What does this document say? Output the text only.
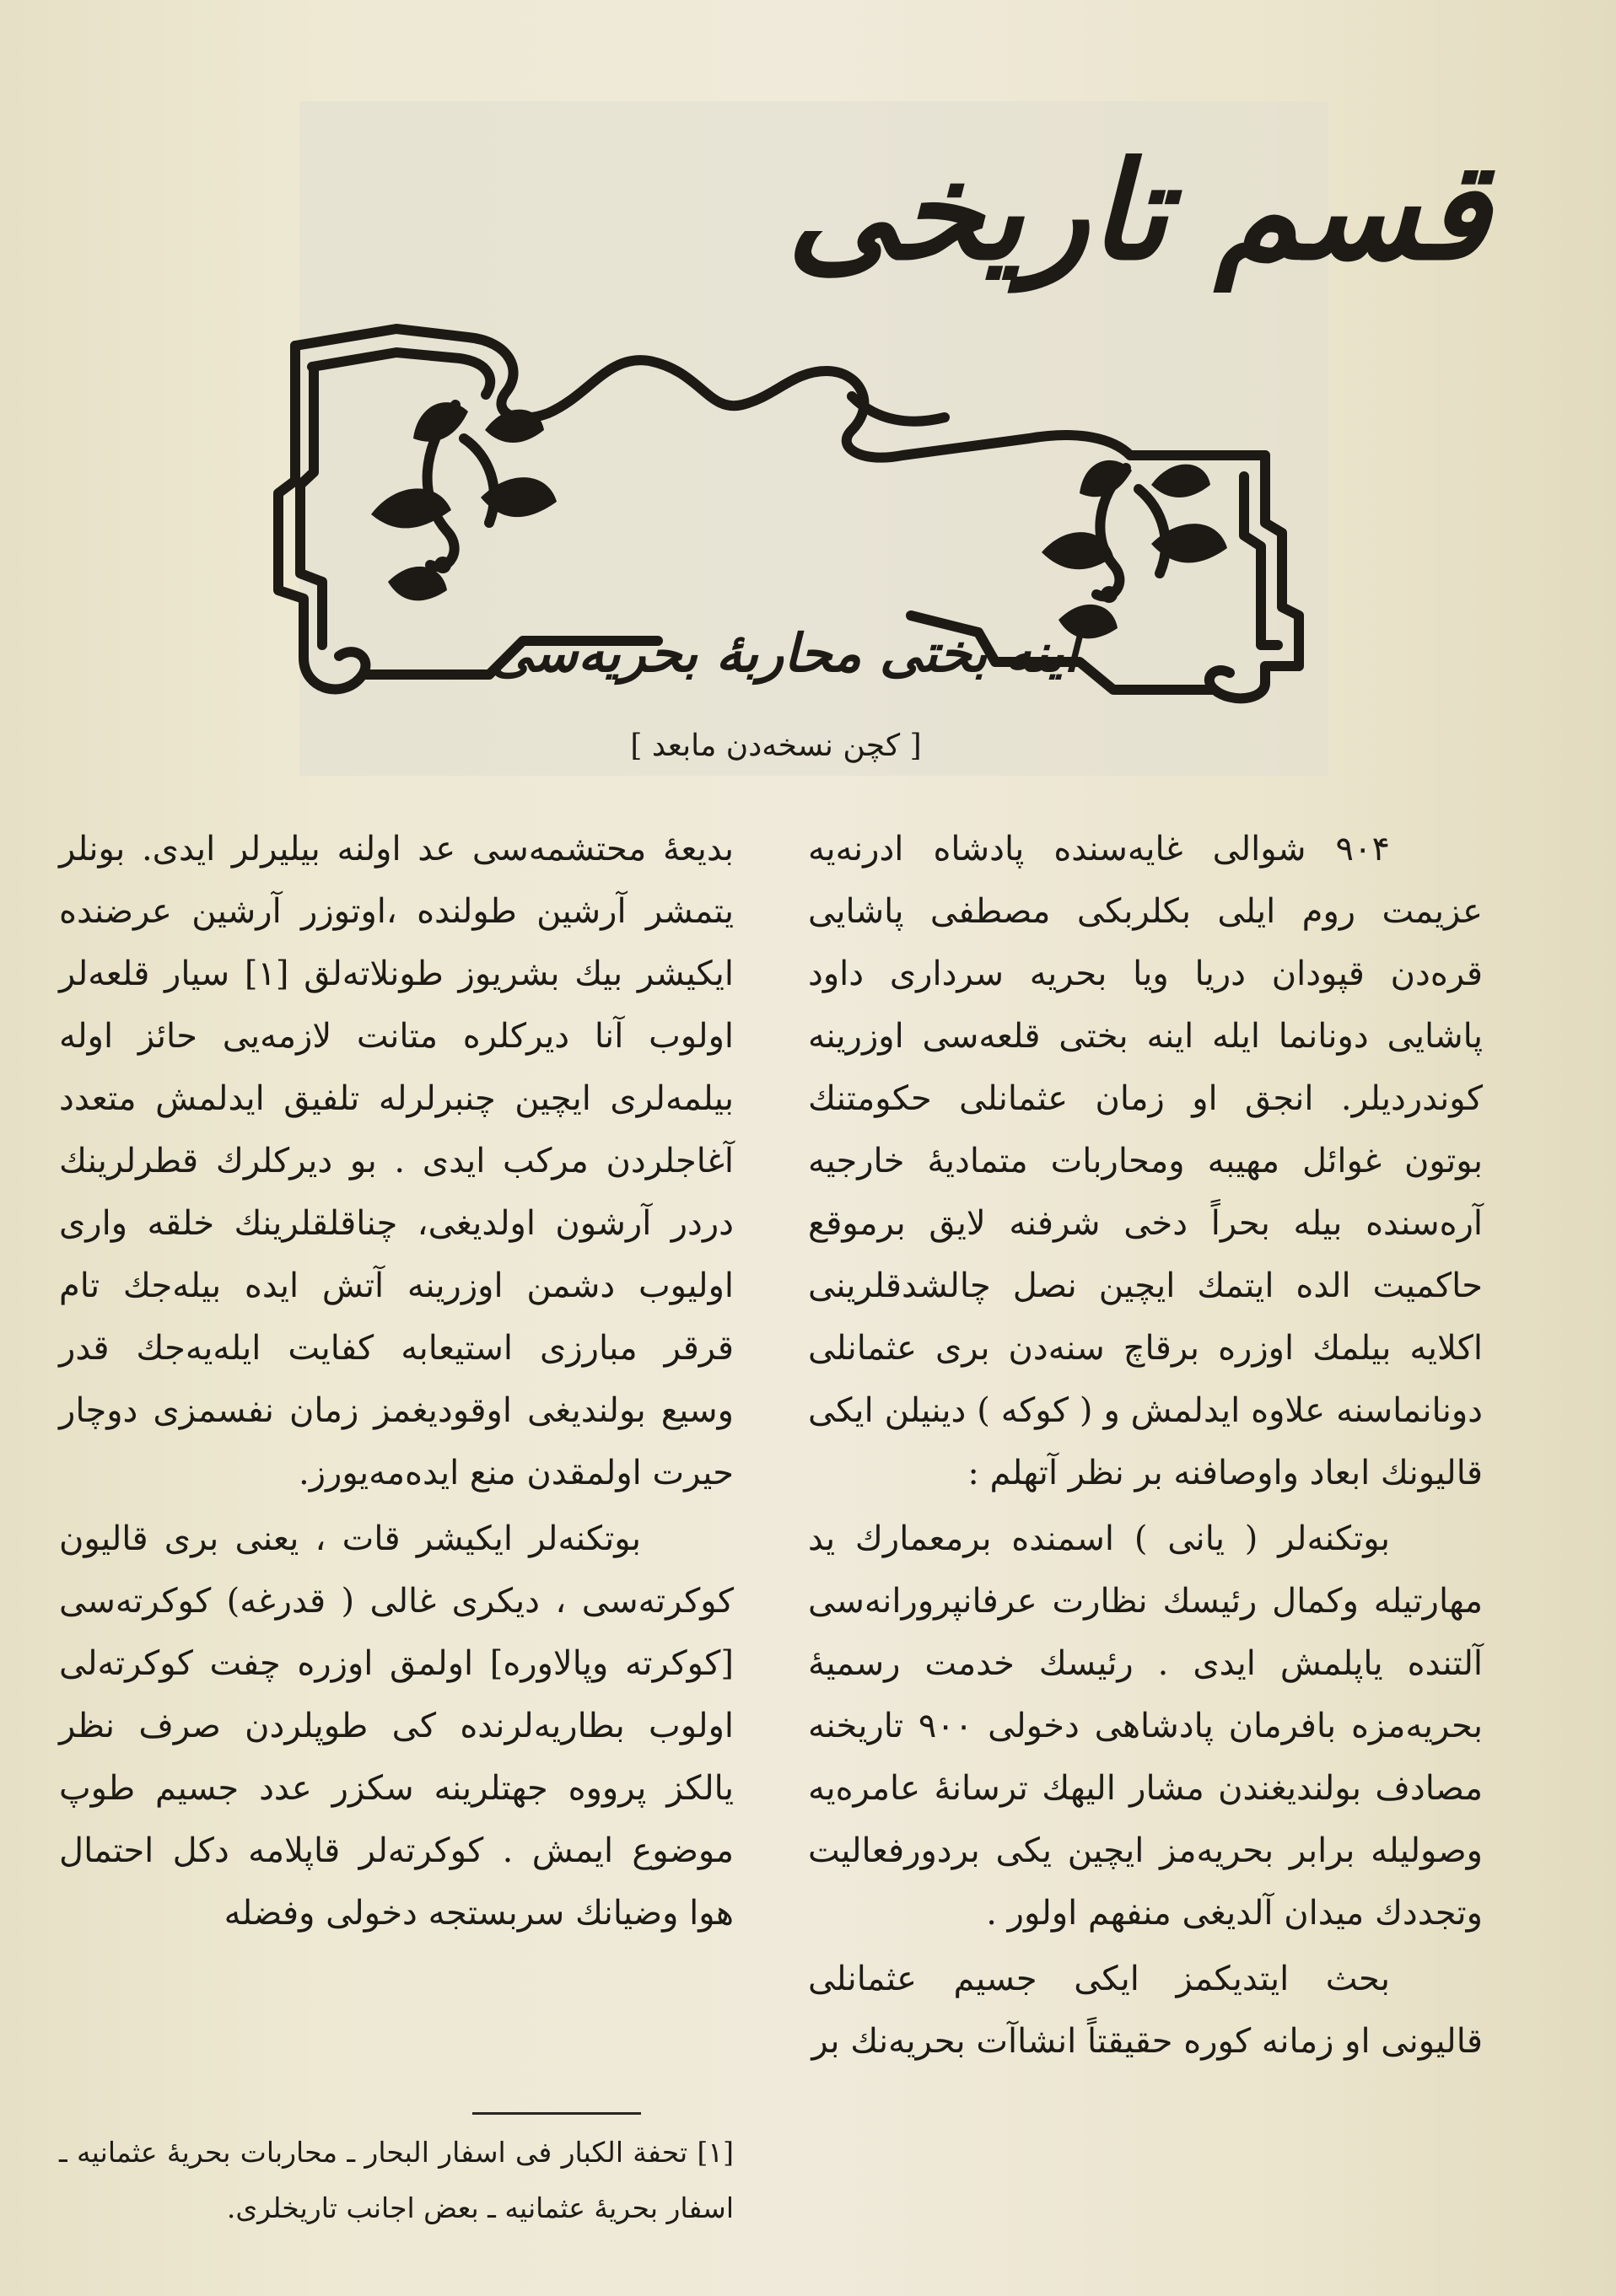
قسم تاریخی
اینه بختی محاربهٔ بحریه‌سی
[ کچن نسخه‌دن مابعد ]

۹۰۴ شوالی غایه‌سنده پادشاه ادرنه‌یه عزیمت روم ایلی بکلربکی مصطفی پاشایی قره‌دن قپودان دریا ویا بحریه سرداری داود پاشایی دونانما ایله اینه بختی قلعه‌سی اوزرینه کوندردیلر. انجق او زمان عثمانلی حکومتنك بوتون غوائل مهیبه ومحاربات متمادیهٔ خارجیه آره‌سنده بیله بحراً دخی شرفنه لایق برموقع حاکمیت الده ایتمك ایچین نصل چالشدقلرینی اکلایه بیلمك اوزره برقاچ سنه‌دن بری عثمانلی دونانماسنه علاوه ایدلمش و ( کوکه ) دینیلن ایکی قالیونك ابعاد واوصافنه بر نظر آتهلم :

بوتکنه‌لر ( یانی ) اسمنده برمعمارك ید مهارتیله وکمال رئیسك نظارت عرفانپرورانه‌سی آلتنده یاپلمش ایدی . رئیسك خدمت رسمیهٔ بحریه‌مزه بافرمان پادشاهی دخولی ۹۰۰ تاریخنه مصادف بولندیغندن مشار الیهك ترسانهٔ عامره‌یه وصولیله برابر بحریه‌مز ایچین یکی بردورفعالیت وتجددك میدان آلدیغی منفهم اولور .

بحث ایتدیکمز ایکی جسیم عثمانلی قالیونی او زمانه کوره حقیقتاً انشاآت بحریه‌نك بر

بدیعهٔ محتشمه‌سی عد اولنه بیلیرلر ایدی. بونلر یتمشر آرشین طولنده ،اوتوزر آرشین عرضنده ایکیشر بیك بشریوز طونلاته‌لق [۱] سیار قلعه‌لر اولوب آنا دیرکلره متانت لازمه‌یی حائز اوله بیلمه‌لری ایچین چنبرلرله تلفیق ایدلمش متعدد آغاجلردن مرکب ایدی . بو دیرکلرك قطرلرینك دردر آرشون اولدیغی، چناقلقلرینك خلقه واری اولیوب دشمن اوزرینه آتش ایده بیله‌جك تام قرقر مبارزی استیعابه کفایت ایله‌یه‌جك قدر وسیع بولندیغی اوقودیغمز زمان نفسمزی دوچار حیرت اولمقدن منع ایده‌مه‌یورز.

بوتکنه‌لر ایکیشر قات ، یعنی بری قالیون کوکرته‌سی ، دیکری غالی ( قدرغه) کوکرته‌سی [کوکرته وپالاوره] اولمق اوزره چفت کوکرته‌لی اولوب بطاریه‌لرنده کی طوپلردن صرف نظر یالکز پرووه جهتلرینه سکزر عدد جسیم طوپ موضوع ایمش . کوکرته‌لر قاپلامه دکل احتمال هوا وضیانك سربستجه دخولی وفضله

[۱] تحفة الکبار فی اسفار البحار ـ محاربات بحریهٔ عثمانیه ـ اسفار بحریهٔ عثمانیه ـ بعض اجانب تاریخلری.
